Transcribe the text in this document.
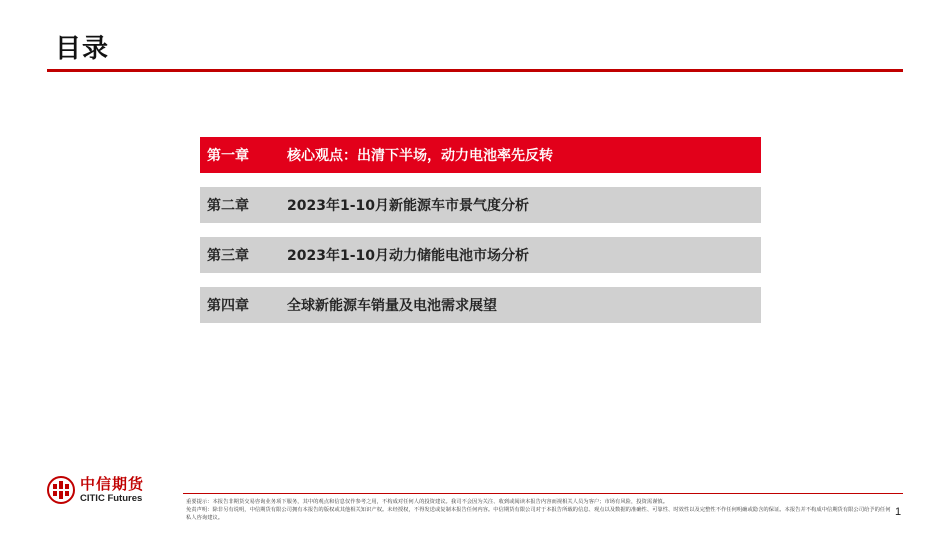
目录
第一章	核心观点：出清下半场，动力电池率先反转
第二章	2023年1-10月新能源车市景气度分析
第三章	2023年1-10月动力储能电池市场分析
第四章	全球新能源车销量及电池需求展望
中信期货
CITIC Futures	重要提示：本报告非期货交易咨询业务项下服务，其中的观点和信息仅作参考之用，不构成对任何人的投资建议。我司不会因为关注、收到或阅读本报告内容而视相关人员为客户；市场有风险，投资需谨慎。
免责声明：除非另有说明，中信期货有限公司拥有本报告的版权或其他相关知识产权。未经授权，不得发送或复制本报告任何内容。中信期货有限公司对于本报告所载的信息、观点以及数据的准确性、可靠性、时效性以及完整性不作任何明确或隐含的保证。本报告并不构成中信期货有限公司给予的任何私人咨询建议。	1
